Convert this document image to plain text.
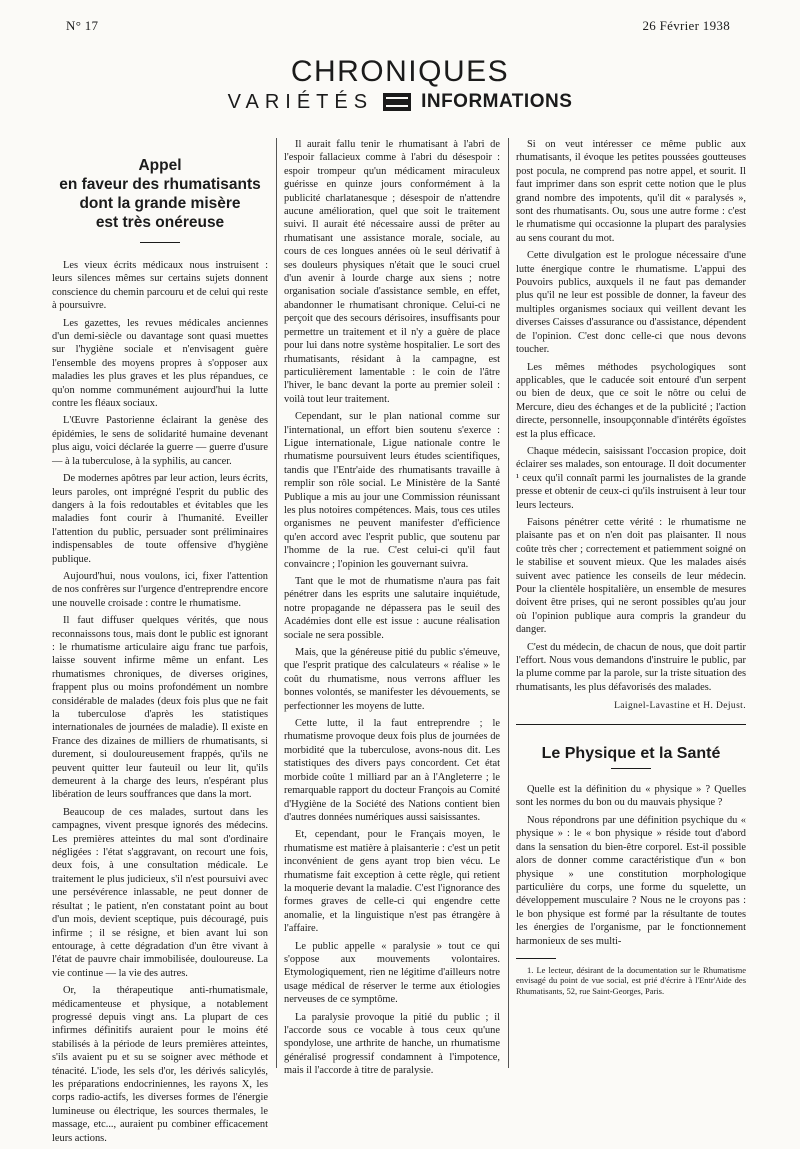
N° 17	26 Février 1938
CHRONIQUES
VARIÉTÉS	INFORMATIONS
Appel
en faveur des rhumatisants
dont la grande misère
est très onéreuse

Les vieux écrits médicaux nous instruisent : leurs silences mêmes sur certains sujets donnent conscience du chemin parcouru et de celui qui reste à poursuivre.

Les gazettes, les revues médicales anciennes d'un demi-siècle ou davantage sont quasi muettes sur l'hygiène sociale et n'envisagent guère l'ensemble des moyens propres à s'opposer aux maladies les plus graves et les plus répandues, ce qu'on nomme communément aujourd'hui la lutte contre les fléaux sociaux.

L'Œuvre Pastorienne éclairant la genèse des épidémies, le sens de solidarité humaine devenant plus aigu, voici déclarée la guerre — guerre d'usure — à la tuberculose, à la syphilis, au cancer.

De modernes apôtres par leur action, leurs écrits, leurs paroles, ont imprégné l'esprit du public des dangers à la fois redoutables et évitables que les maladies font courir à l'humanité. Eveiller l'attention du public, persuader sont préliminaires indispensables de toute offensive d'hygiène publique.

Aujourd'hui, nous voulons, ici, fixer l'attention de nos confrères sur l'urgence d'entreprendre encore une nouvelle croisade : contre le rhumatisme.

Il faut diffuser quelques vérités, que nous reconnaissons tous, mais dont le public est ignorant : le rhumatisme articulaire aigu franc tue parfois, laisse souvent infirme même un enfant. Les rhumatismes chroniques, de diverses origines, frappent plus ou moins profondément un nombre considérable de malades (deux fois plus que ne fait la tuberculose d'après les statistiques internationales de journées de maladie). Il existe en France des dizaines de milliers de rhumatisants, si durement, si douloureusement frappés, qu'ils ne peuvent quitter leur fauteuil ou leur lit, qu'ils demeurent à la charge des leurs, n'espérant plus libération de leurs souffrances que dans la mort.

Beaucoup de ces malades, surtout dans les campagnes, vivent presque ignorés des médecins. Les premières atteintes du mal sont d'ordinaire négligées : l'état s'aggravant, on recourt une fois, deux fois, à une consultation médicale. Le traitement le plus judicieux, s'il n'est poursuivi avec une persévérence inlassable, ne peut donner de résultat ; le patient, n'en constatant point au bout d'un mois, devient sceptique, puis découragé, puis infirme ; il se résigne, et bien avant lui son entourage, à cette dégradation d'un être vivant à l'état de pauvre chair immobilisée, douloureuse. La vie continue — la vie des autres.

Or, la thérapeutique anti-rhumatismale, médicamenteuse et physique, a notablement progressé depuis vingt ans. La plupart de ces infirmes définitifs auraient pour le moins été stabilisés à la période de leurs premières atteintes, s'ils avaient pu et su se soigner avec méthode et ténacité. L'iode, les sels d'or, les dérivés salicylés, les préparations endocriniennes, les rayons X, les corps radio-actifs, les diverses formes de l'énergie lumineuse ou électrique, les sources thermales, le massage, etc..., auraient pu combiner efficacement leurs actions.

Il aurait fallu tenir le rhumatisant à l'abri de l'espoir fallacieux comme à l'abri du désespoir : espoir trompeur qu'un médicament miraculeux guérisse en quinze jours conformément à la publicité charlatanesque ; désespoir de n'attendre aucune amélioration, quel que soit le traitement suivi. Il aurait été nécessaire aussi de prêter au rhumatisant une assistance morale, sociale, au cours de ces longues années où le seul dérivatif à ses douleurs physiques n'était que le souci cruel d'un avenir à lourde charge aux siens ; notre organisation sociale d'assistance semble, en effet, abandonner le rhumatisant chronique. Celui-ci ne perçoit que des secours dérisoires, insuffisants pour permettre un traitement et il n'y a guère de place pour lui dans notre système hospitalier. Le sort des rhumatisants, résidant à la campagne, est particulièrement lamentable : le coin de l'âtre l'hiver, le banc devant la porte au premier soleil : voilà tout leur traitement.

Cependant, sur le plan national comme sur l'international, un effort bien soutenu s'exerce : Ligue internationale, Ligue nationale contre le rhumatisme poursuivent leurs études scientifiques, tandis que l'Entr'aide des rhumatisants travaille à remplir son rôle social. Le Ministère de la Santé Publique a mis au jour une Commission réunissant les plus notoires compétences. Mais, tous ces utiles organismes ne peuvent manifester d'efficience qu'en accord avec l'esprit public, que soutenu par l'homme de la rue. C'est celui-ci qu'il faut convaincre ; l'opinion les gouvernant suivra.

Tant que le mot de rhumatisme n'aura pas fait pénétrer dans les esprits une salutaire inquiétude, notre propagande ne dépassera pas le seuil des Académies dont elle est issue : aucune réalisation sociale ne sera possible.

Mais, que la généreuse pitié du public s'émeuve, que l'esprit pratique des calculateurs « réalise » le coût du rhumatisme, nous verrons affluer les bonnes volontés, se manifester les dévouements, se perfectionner les moyens de lutte.

Cette lutte, il la faut entreprendre ; le rhumatisme provoque deux fois plus de journées de morbidité que la tuberculose, avons-nous dit. Les statistiques des divers pays concordent. Cet état morbide coûte 1 milliard par an à l'Angleterre ; le remarquable rapport du docteur François au Comité d'Hygiène de la Société des Nations contient bien d'autres données numériques aussi saisissantes.

Et, cependant, pour le Français moyen, le rhumatisme est matière à plaisanterie : c'est un petit inconvénient de gens ayant trop bien vécu. Le rhumatisme fait exception à cette règle, qui retient la moquerie devant la maladie. C'est l'ignorance des formes graves de celle-ci qui engendre cette anomalie, et la linguistique n'est pas étrangère à l'affaire.

Le public appelle « paralysie » tout ce qui s'oppose aux mouvements volontaires. Etymologiquement, rien ne légitime d'ailleurs notre usage médical de réserver le terme aux étiologies nerveuses de ce symptôme.

La paralysie provoque la pitié du public ; il l'accorde sous ce vocable à tous ceux qu'une spondylose, une arthrite de hanche, un rhumatisme généralisé progressif condamnent à l'impotence, mais il l'accorde à titre de paralysie.

Si on veut intéresser ce même public aux rhumatisants, il évoque les petites poussées goutteuses post pocula, ne comprend pas notre appel, et sourit. Il faut imprimer dans son esprit cette notion que le plus grand nombre des impotents, qu'il dit « paralysés », sont des rhumatisants. Ou, sous une autre forme : c'est le rhumatisme qui occasionne la plupart des paralysies au sens courant du mot.

Cette divulgation est le prologue nécessaire d'une lutte énergique contre le rhumatisme. L'appui des Pouvoirs publics, auxquels il ne faut pas demander plus qu'il ne leur est possible de donner, la faveur des multiples organismes sociaux qui veillent devant les diverses Caisses d'assurance ou d'assistance, dépendent de l'opinion. C'est donc celle-ci que nous devons toucher.

Les mêmes méthodes psychologiques sont applicables, que le caducée soit entouré d'un serpent ou bien de deux, que ce soit le nôtre ou celui de Mercure, dieu des échanges et de la publicité ; l'action directe, personnelle, insoupçonnable d'intérêts égoïstes est la plus efficace.

Chaque médecin, saisissant l'occasion propice, doit éclairer ses malades, son entourage. Il doit documenter ¹ ceux qu'il connaît parmi les journalistes de la grande presse et obtenir de ceux-ci qu'ils instruisent à leur tour leurs lecteurs.

Faisons pénétrer cette vérité : le rhumatisme ne plaisante pas et on n'en doit pas plaisanter. Il nous coûte très cher ; correctement et patiemment soigné on le stabilise et souvent mieux. Que les malades aisés suivent avec patience les conseils de leur médecin. Pour la clientèle hospitalière, un ensemble de mesures doivent être prises, qui ne seront possibles qu'au jour où l'opinion publique aura compris la grandeur du danger.

C'est du médecin, de chacun de nous, que doit partir l'effort. Nous vous demandons d'instruire le public, par la plume comme par la parole, sur la triste situation des rhumatisants, les plus défavorisés des malades.

Laignel-Lavastine et H. Dejust.
Le Physique et la Santé

Quelle est la définition du « physique » ? Quelles sont les normes du bon ou du mauvais physique ?

Nous répondrons par une définition psychique du « physique » : le « bon physique » réside tout d'abord dans la sensation du bien-être corporel. Est-il possible alors de donner comme caractéristique d'un « bon physique » une constitution morphologique particulière du corps, une forme du squelette, un développement musculaire ? Nous ne le croyons pas : le bon physique est formé par la résultante de toutes les énergies de l'organisme, par le fonctionnement harmonieux de ses multi-

1. Le lecteur, désirant de la documentation sur le Rhumatisme envisagé du point de vue social, est prié d'écrire à l'Entr'Aide des Rhumatisants, 52, rue Saint-Georges, Paris.
